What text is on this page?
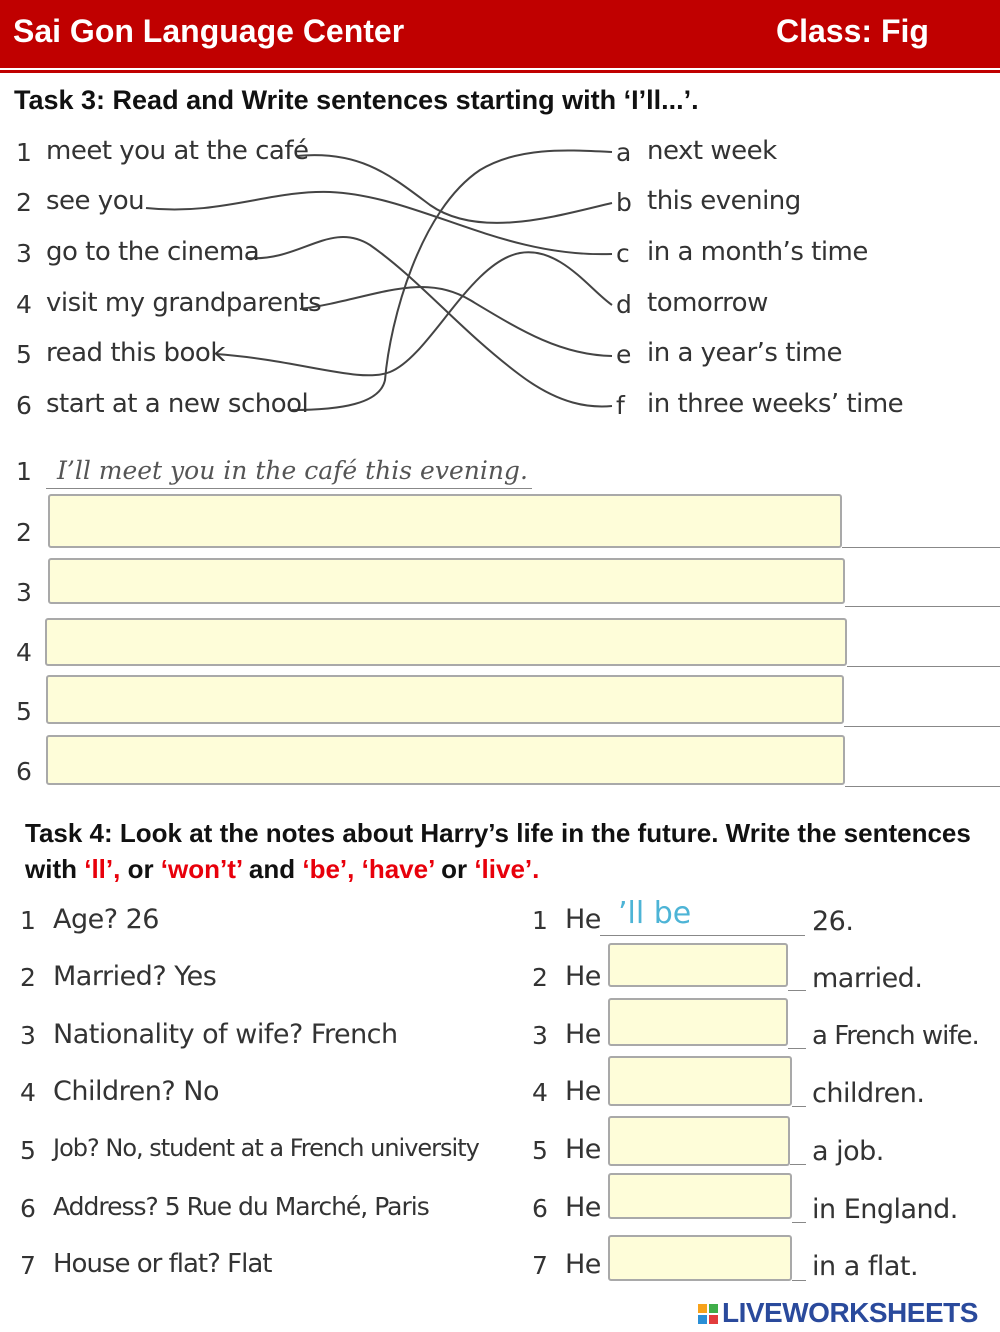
Sai Gon Language Center	Class: Fig
Task 3: Read and Write sentences starting with ‘I’ll...’.
1 meet you at the café
2 see you
3 go to the cinema
4 visit my grandparents
5 read this book
6 start at a new school
a next week
b this evening
c in a month’s time
d tomorrow
e in a year’s time
f in three weeks’ time
1 I’ll meet you in the café this evening.
2
3
4
5
6
Task 4: Look at the notes about Harry’s life in the future. Write the sentences with ‘ll’, or ‘won’t’ and ‘be’, ‘have’ or ‘live’.
1 Age? 26
2 Married? Yes
3 Nationality of wife? French
4 Children? No
5 Job? No, student at a French university
6 Address? 5 Rue du Marché, Paris
7 House or flat? Flat
1 He ’ll be	26.
2 He	married.
3 He	a French wife.
4 He	children.
5 He	a job.
6 He	in England.
7 He	in a flat.
LIVEWORKSHEETS
